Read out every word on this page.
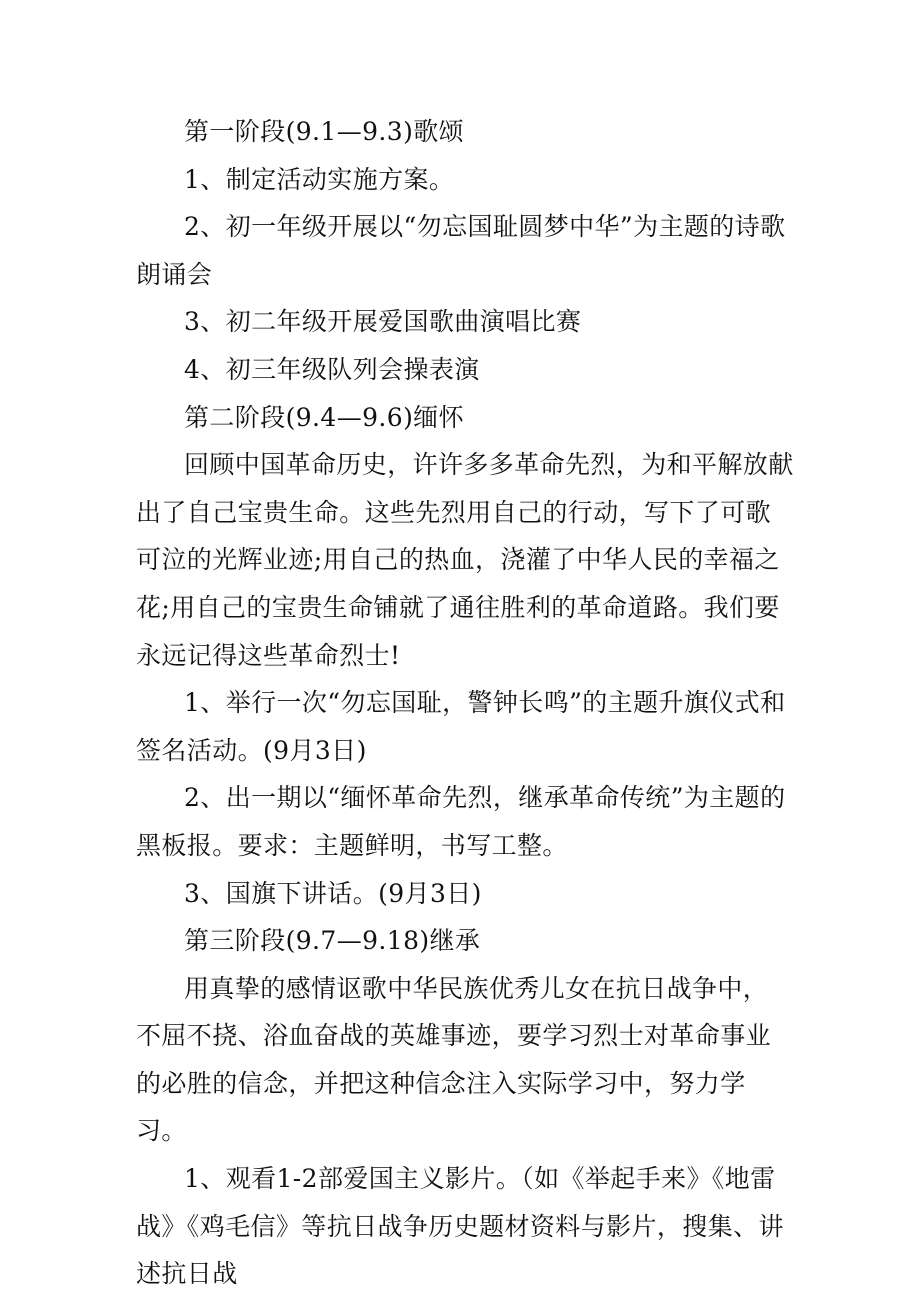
第一阶段(9.1—9.3)歌颂

1、制定活动实施方案。

2、初一年级开展以“勿忘国耻圆梦中华”为主题的诗歌朗诵会

3、初二年级开展爱国歌曲演唱比赛

4、初三年级队列会操表演

第二阶段(9.4—9.6)缅怀

回顾中国革命历史，许许多多革命先烈，为和平解放献出了自己宝贵生命。这些先烈用自己的行动，写下了可歌可泣的光辉业迹;用自己的热血，浇灌了中华人民的幸福之花;用自己的宝贵生命铺就了通往胜利的革命道路。我们要永远记得这些革命烈士!

1、举行一次“勿忘国耻，警钟长鸣”的主题升旗仪式和签名活动。(9月3日)

2、出一期以“缅怀革命先烈，继承革命传统”为主题的黑板报。要求：主题鲜明，书写工整。

3、国旗下讲话。(9月3日)

第三阶段(9.7—9.18)继承

用真挚的感情讴歌中华民族优秀儿女在抗日战争中，

不屈不挠、浴血奋战的英雄事迹，要学习烈士对革命事业的必胜的信念，并把这种信念注入实际学习中，努力学习。

1、观看1-2部爱国主义影片。（如《举起手来》《地雷战》《鸡毛信》等抗日战争历史题材资料与影片，搜集、讲述抗日战
